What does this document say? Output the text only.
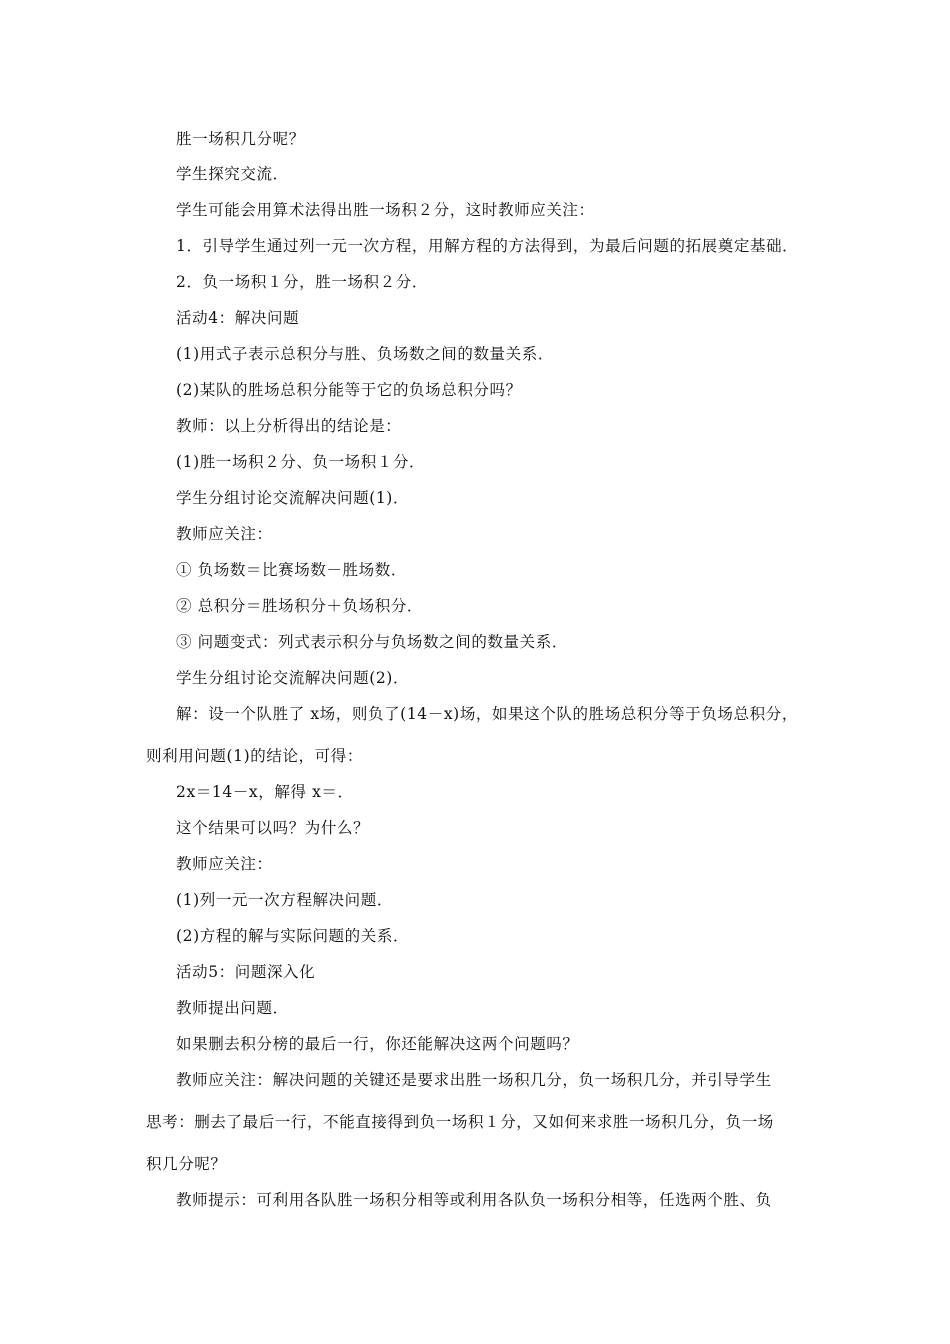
胜一场积几分呢？
学生探究交流．
学生可能会用算术法得出胜一场积２分，这时教师应关注：
1．引导学生通过列一元一次方程，用解方程的方法得到，为最后问题的拓展奠定基础．
2．负一场积１分，胜一场积２分．
活动4：解决问题
(1)用式子表示总积分与胜、负场数之间的数量关系．
(2)某队的胜场总积分能等于它的负场总积分吗？
教师：以上分析得出的结论是：
(1)胜一场积２分、负一场积１分．
学生分组讨论交流解决问题(1)．
教师应关注：
① 负场数＝比赛场数－胜场数．
② 总积分＝胜场积分＋负场积分．
③ 问题变式：列式表示积分与负场数之间的数量关系．
学生分组讨论交流解决问题(2)．
解：设一个队胜了 x场，则负了(14－x)场，如果这个队的胜场总积分等于负场总积分，
则利用问题(1)的结论，可得：
2x＝14－x，解得 x＝．
这个结果可以吗？为什么？
教师应关注：
(1)列一元一次方程解决问题．
(2)方程的解与实际问题的关系．
活动5：问题深入化
教师提出问题．
如果删去积分榜的最后一行，你还能解决这两个问题吗？
教师应关注：解决问题的关键还是要求出胜一场积几分，负一场积几分，并引导学生
思考：删去了最后一行，不能直接得到负一场积１分，又如何来求胜一场积几分，负一场
积几分呢？
教师提示：可利用各队胜一场积分相等或利用各队负一场积分相等，任选两个胜、负
